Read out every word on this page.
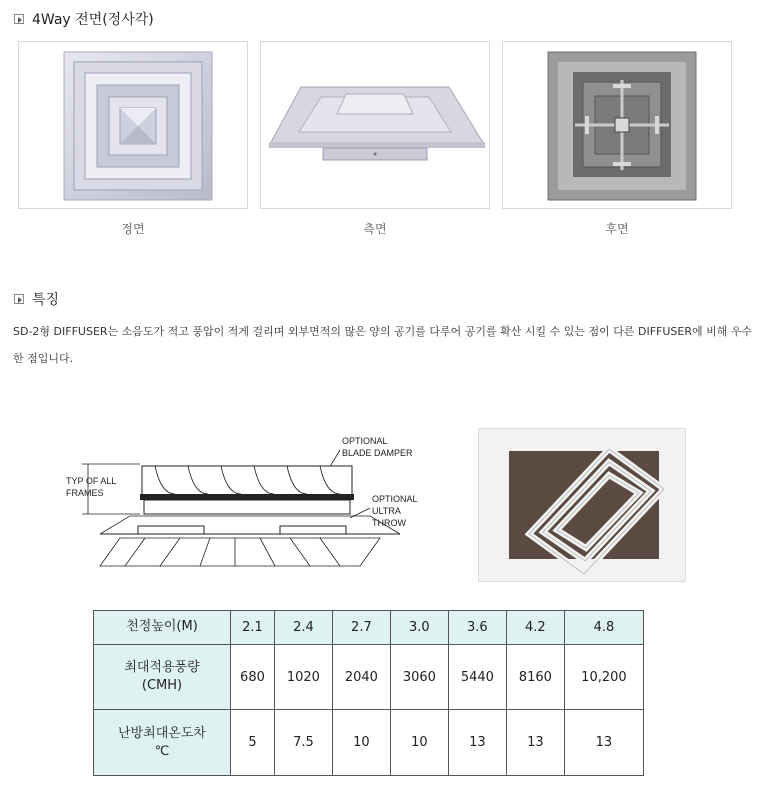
4Way 전면(정사각)
정면	측면	후면
특징
SD-2형 DIFFUSER는 소음도가 적고 풍압이 적게 걸리며 외부면적의 많은 양의 공기를 다루어 공기를 확산 시킬 수 있는 점이 다른 DIFFUSER에 비해 우수
한 점입니다.
OPTIONAL
BLADE DAMPER
TYP OF ALL
FRAMES
OPTIONAL
ULTRA
THROW
천정높이(M)	2.1	2.4	2.7	3.0	3.6	4.2	4.8

최대적용풍량
(CMH)	680	1020	2040	3060	5440	8160	10,200

난방최대온도차
℃	5	7.5	10	10	13	13	13
